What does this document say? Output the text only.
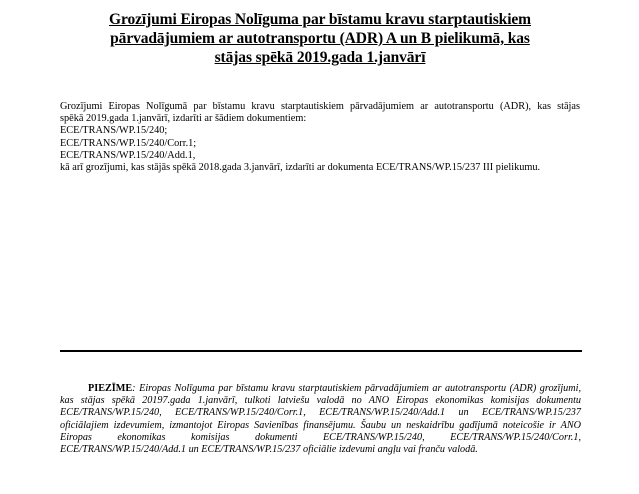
Grozījumi Eiropas Nolīguma par bīstamu kravu starptautiskiem
pārvadājumiem ar autotransportu (ADR) A un B pielikumā, kas
stājas spēkā 2019.gada 1.janvārī

Grozījumi Eiropas Nolīgumā par bīstamu kravu starptautiskiem pārvadājumiem ar autotransportu (ADR), kas stājas

spēkā 2019.gada 1.janvārī, izdarīti ar šādiem dokumentiem:

ECE/TRANS/WP.15/240;

ECE/TRANS/WP.15/240/Corr.1;

ECE/TRANS/WP.15/240/Add.1,

kā arī grozījumi, kas stājās spēkā 2018.gada 3.janvārī, izdarīti ar dokumenta ECE/TRANS/WP.15/237 III pielikumu.

PIEZĪME: Eiropas Nolīguma par bīstamu kravu starptautiskiem pārvadājumiem ar autotransportu (ADR) grozījumi, kas stājas spēkā 20197.gada 1.janvārī, tulkoti latviešu valodā no ANO Eiropas ekonomikas komisijas dokumentu ECE/TRANS/WP.15/240, ECE/TRANS/WP.15/240/Corr.1, ECE/TRANS/WP.15/240/Add.1 un ECE/TRANS/WP.15/237 oficiālajiem izdevumiem, izmantojot Eiropas Savienības finansējumu. Šaubu un neskaidrību gadījumā noteicošie ir ANO Eiropas ekonomikas komisijas dokumenti ECE/TRANS/WP.15/240, ECE/TRANS/WP.15/240/Corr.1, ECE/TRANS/WP.15/240/Add.1 un ECE/TRANS/WP.15/237 oficiālie izdevumi angļu vai franču valodā.
